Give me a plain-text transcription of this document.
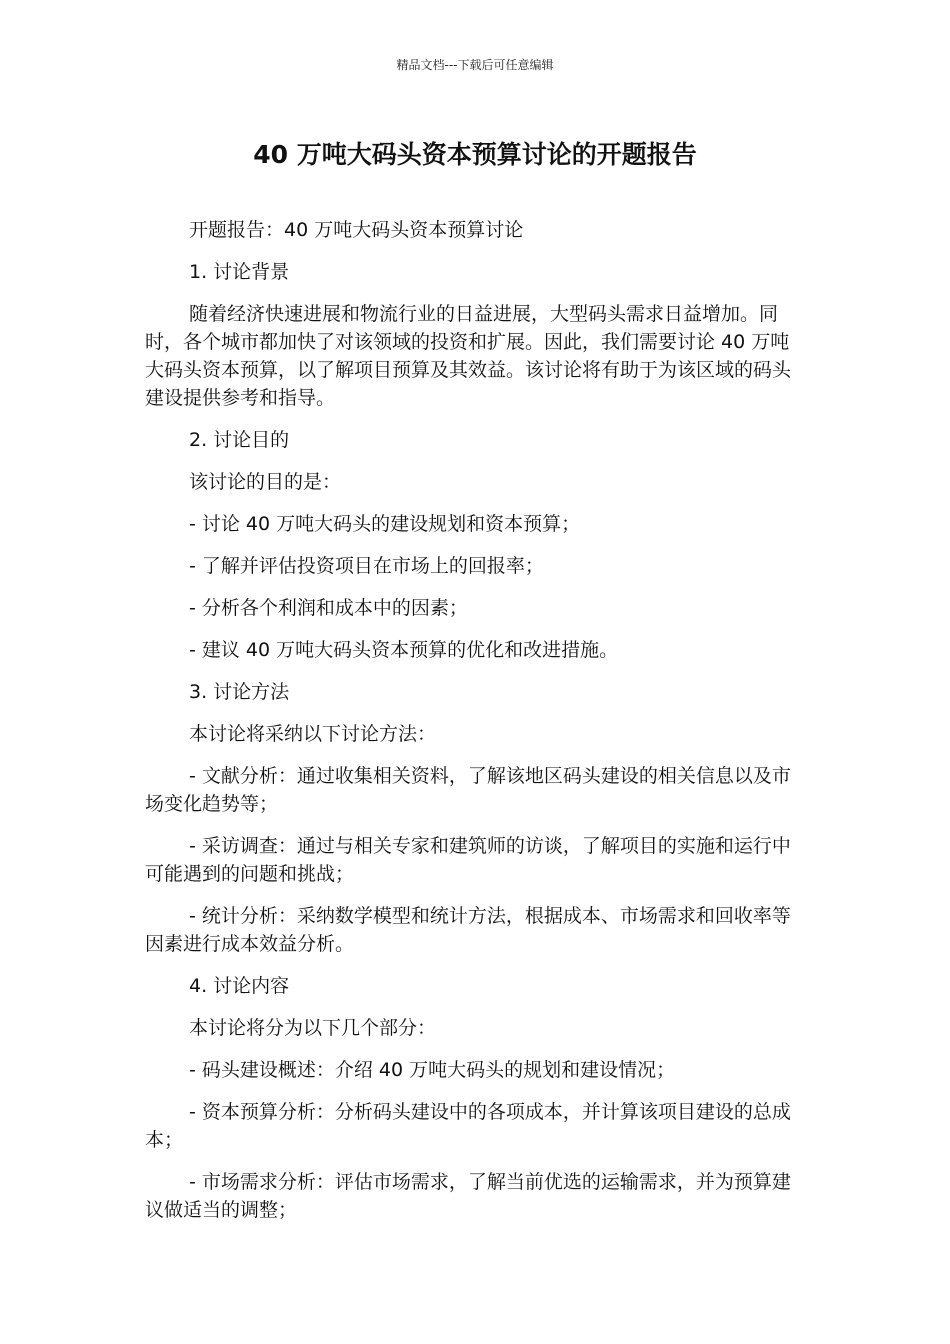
精品文档---下载后可任意编辑
40 万吨大码头资本预算讨论的开题报告

开题报告：40 万吨大码头资本预算讨论

1. 讨论背景

随着经济快速进展和物流行业的日益进展，大型码头需求日益增加。同时，各个城市都加快了对该领域的投资和扩展。因此，我们需要讨论 40 万吨大码头资本预算，以了解项目预算及其效益。该讨论将有助于为该区域的码头建设提供参考和指导。

2. 讨论目的

该讨论的目的是：

- 讨论 40 万吨大码头的建设规划和资本预算；

- 了解并评估投资项目在市场上的回报率；

- 分析各个利润和成本中的因素；

- 建议 40 万吨大码头资本预算的优化和改进措施。

3. 讨论方法

本讨论将采纳以下讨论方法：

- 文献分析：通过收集相关资料，了解该地区码头建设的相关信息以及市场变化趋势等；

- 采访调查：通过与相关专家和建筑师的访谈，了解项目的实施和运行中可能遇到的问题和挑战；

- 统计分析：采纳数学模型和统计方法，根据成本、市场需求和回收率等因素进行成本效益分析。

4. 讨论内容

本讨论将分为以下几个部分：

- 码头建设概述：介绍 40 万吨大码头的规划和建设情况；

- 资本预算分析：分析码头建设中的各项成本，并计算该项目建设的总成本；

- 市场需求分析：评估市场需求，了解当前优选的运输需求，并为预算建议做适当的调整；
